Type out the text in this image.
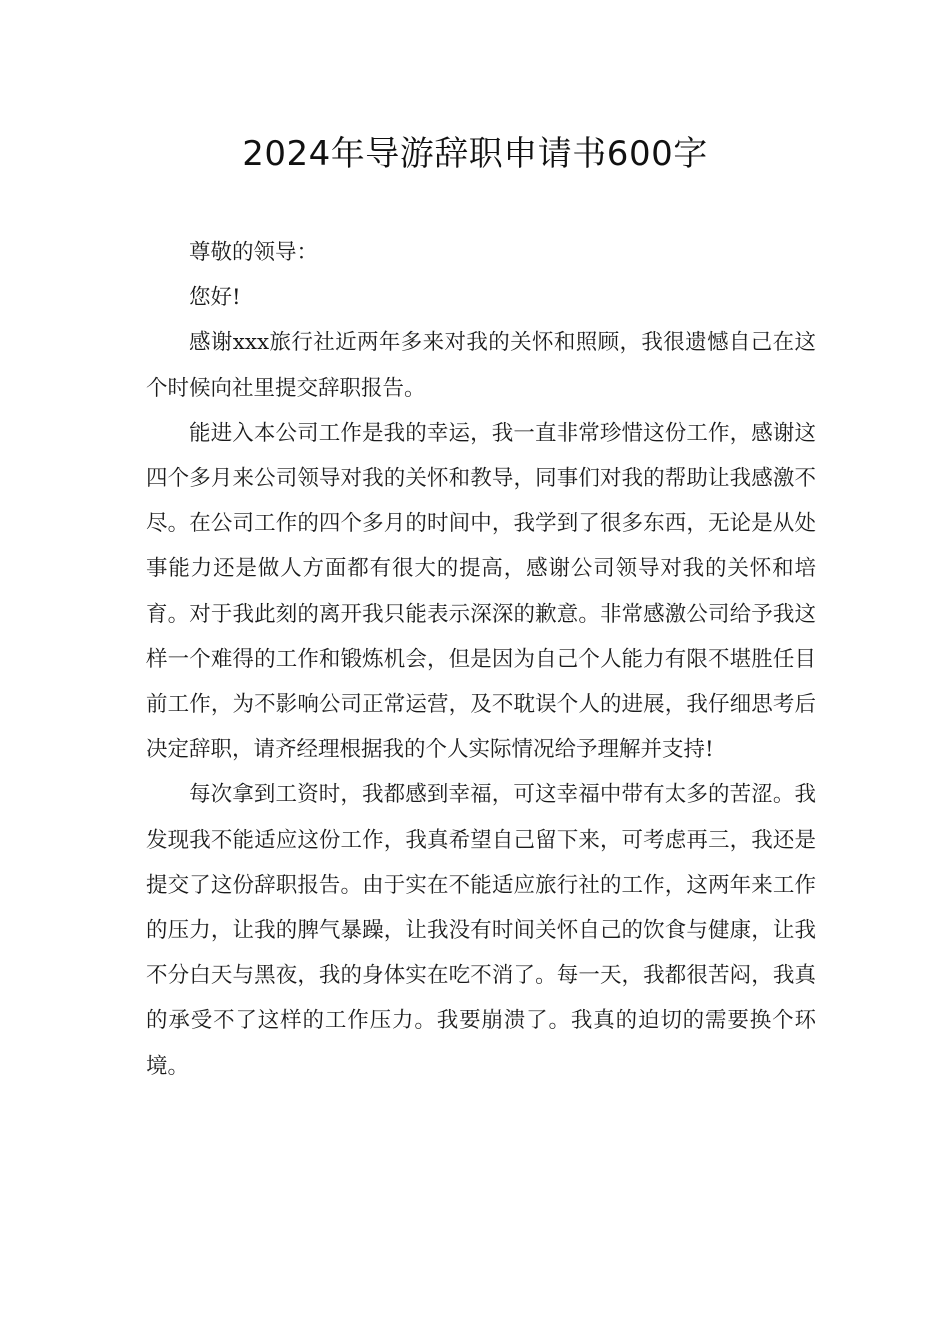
2024年导游辞职申请书600字

尊敬的领导：

您好!

感谢xxx旅行社近两年多来对我的关怀和照顾，我很遗憾自己在这个时候向社里提交辞职报告。

能进入本公司工作是我的幸运，我一直非常珍惜这份工作，感谢这四个多月来公司领导对我的关怀和教导，同事们对我的帮助让我感激不尽。在公司工作的四个多月的时间中，我学到了很多东西，无论是从处事能力还是做人方面都有很大的提高，感谢公司领导对我的关怀和培育。对于我此刻的离开我只能表示深深的歉意。非常感激公司给予我这样一个难得的工作和锻炼机会，但是因为自己个人能力有限不堪胜任目前工作，为不影响公司正常运营，及不耽误个人的进展，我仔细思考后决定辞职，请齐经理根据我的个人实际情况给予理解并支持!

每次拿到工资时，我都感到幸福，可这幸福中带有太多的苦涩。我发现我不能适应这份工作，我真希望自己留下来，可考虑再三，我还是提交了这份辞职报告。由于实在不能适应旅行社的工作，这两年来工作的压力，让我的脾气暴躁，让我没有时间关怀自己的饮食与健康，让我不分白天与黑夜，我的身体实在吃不消了。每一天，我都很苦闷，我真的承受不了这样的工作压力。我要崩溃了。我真的迫切的需要换个环境。
